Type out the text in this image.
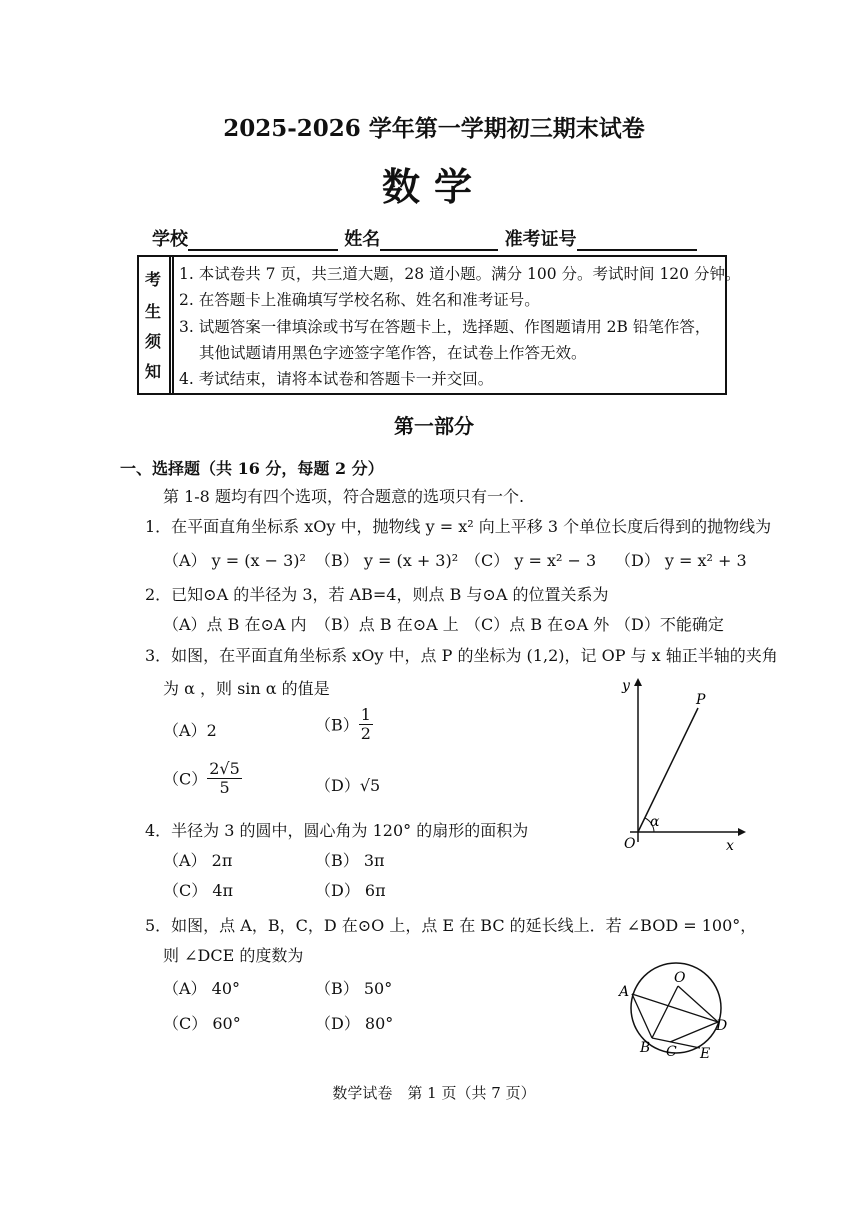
2025-2026 学年第一学期初三期末试卷
数学
学校	姓名	准考证号
考
生
须
知
1. 本试卷共 7 页，共三道大题，28 道小题。满分 100 分。考试时间 120 分钟。
2. 在答题卡上准确填写学校名称、姓名和准考证号。
3. 试题答案一律填涂或书写在答题卡上，选择题、作图题请用 2B 铅笔作答，
其他试题请用黑色字迹签字笔作答，在试卷上作答无效。
4. 考试结束，请将本试卷和答题卡一并交回。
第一部分
一、选择题（共 16 分，每题 2 分）
第 1-8 题均有四个选项，符合题意的选项只有一个.
1．在平面直角坐标系 xOy 中，抛物线 y = x² 向上平移 3 个单位长度后得到的抛物线为
（A） y = (x − 3)² （B） y = (x + 3)² （C） y = x² − 3 （D） y = x² + 3
2．已知⊙A 的半径为 3，若 AB=4，则点 B 与⊙A 的位置关系为
（A）点 B 在⊙A 内 （B）点 B 在⊙A 上 （C）点 B 在⊙A 外 （D）不能确定
3．如图，在平面直角坐标系 xOy 中，点 P 的坐标为 (1,2)，记 OP 与 x 轴正半轴的夹角
为 α ，则 sin α 的值是
（A）2	$(B) \frac{1}{2}$
$(C) \frac{2√5}{5}$	（D）√5
y
P
α
O	x
4．半径为 3 的圆中，圆心角为 120° 的扇形的面积为
（A） 2π	（B） 3π
（C） 4π	（D） 6π
5．如图，点 A，B，C，D 在⊙O 上，点 E 在 BC 的延长线上．若 ∠BOD = 100°，
则 ∠DCE 的度数为
（A） 40°	（B） 50°
（C） 60°	（D） 80°
A
O
D
B C E
数学试卷　第 1 页（共 7 页）
